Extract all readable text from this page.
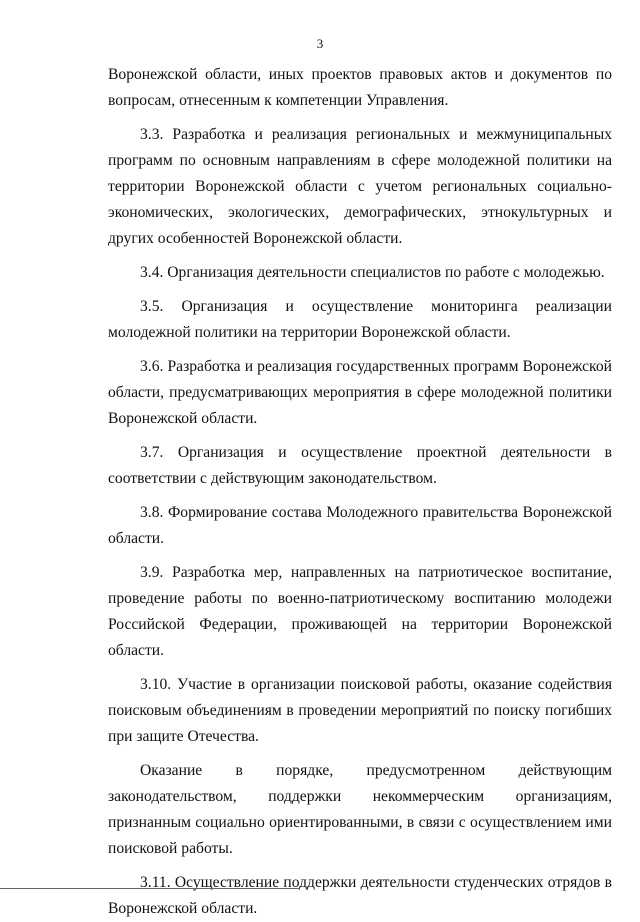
3

Воронежской области, иных проектов правовых актов и документов по вопросам, отнесенным к компетенции Управления.

3.3. Разработка и реализация региональных и межмуниципальных программ по основным направлениям в сфере молодежной политики на территории Воронежской области с учетом региональных социально-экономических, экологических, демографических, этнокультурных и других особенностей Воронежской области.

3.4. Организация деятельности специалистов по работе с молодежью.

3.5. Организация и осуществление мониторинга реализации молодежной политики на территории Воронежской области.

3.6. Разработка и реализация государственных программ Воронежской области, предусматривающих мероприятия в сфере молодежной политики Воронежской области.

3.7. Организация и осуществление проектной деятельности в соответствии с действующим законодательством.

3.8. Формирование состава Молодежного правительства Воронежской области.

3.9. Разработка мер, направленных на патриотическое воспитание, проведение работы по военно-патриотическому воспитанию молодежи Российской Федерации, проживающей на территории Воронежской области.

3.10. Участие в организации поисковой работы, оказание содействия поисковым объединениям в проведении мероприятий по поиску погибших при защите Отечества.

Оказание в порядке, предусмотренном действующим законодательством, поддержки некоммерческим организациям, признанным социально ориентированными, в связи с осуществлением ими поисковой работы.

3.11. Осуществление поддержки деятельности студенческих отрядов в Воронежской области.
